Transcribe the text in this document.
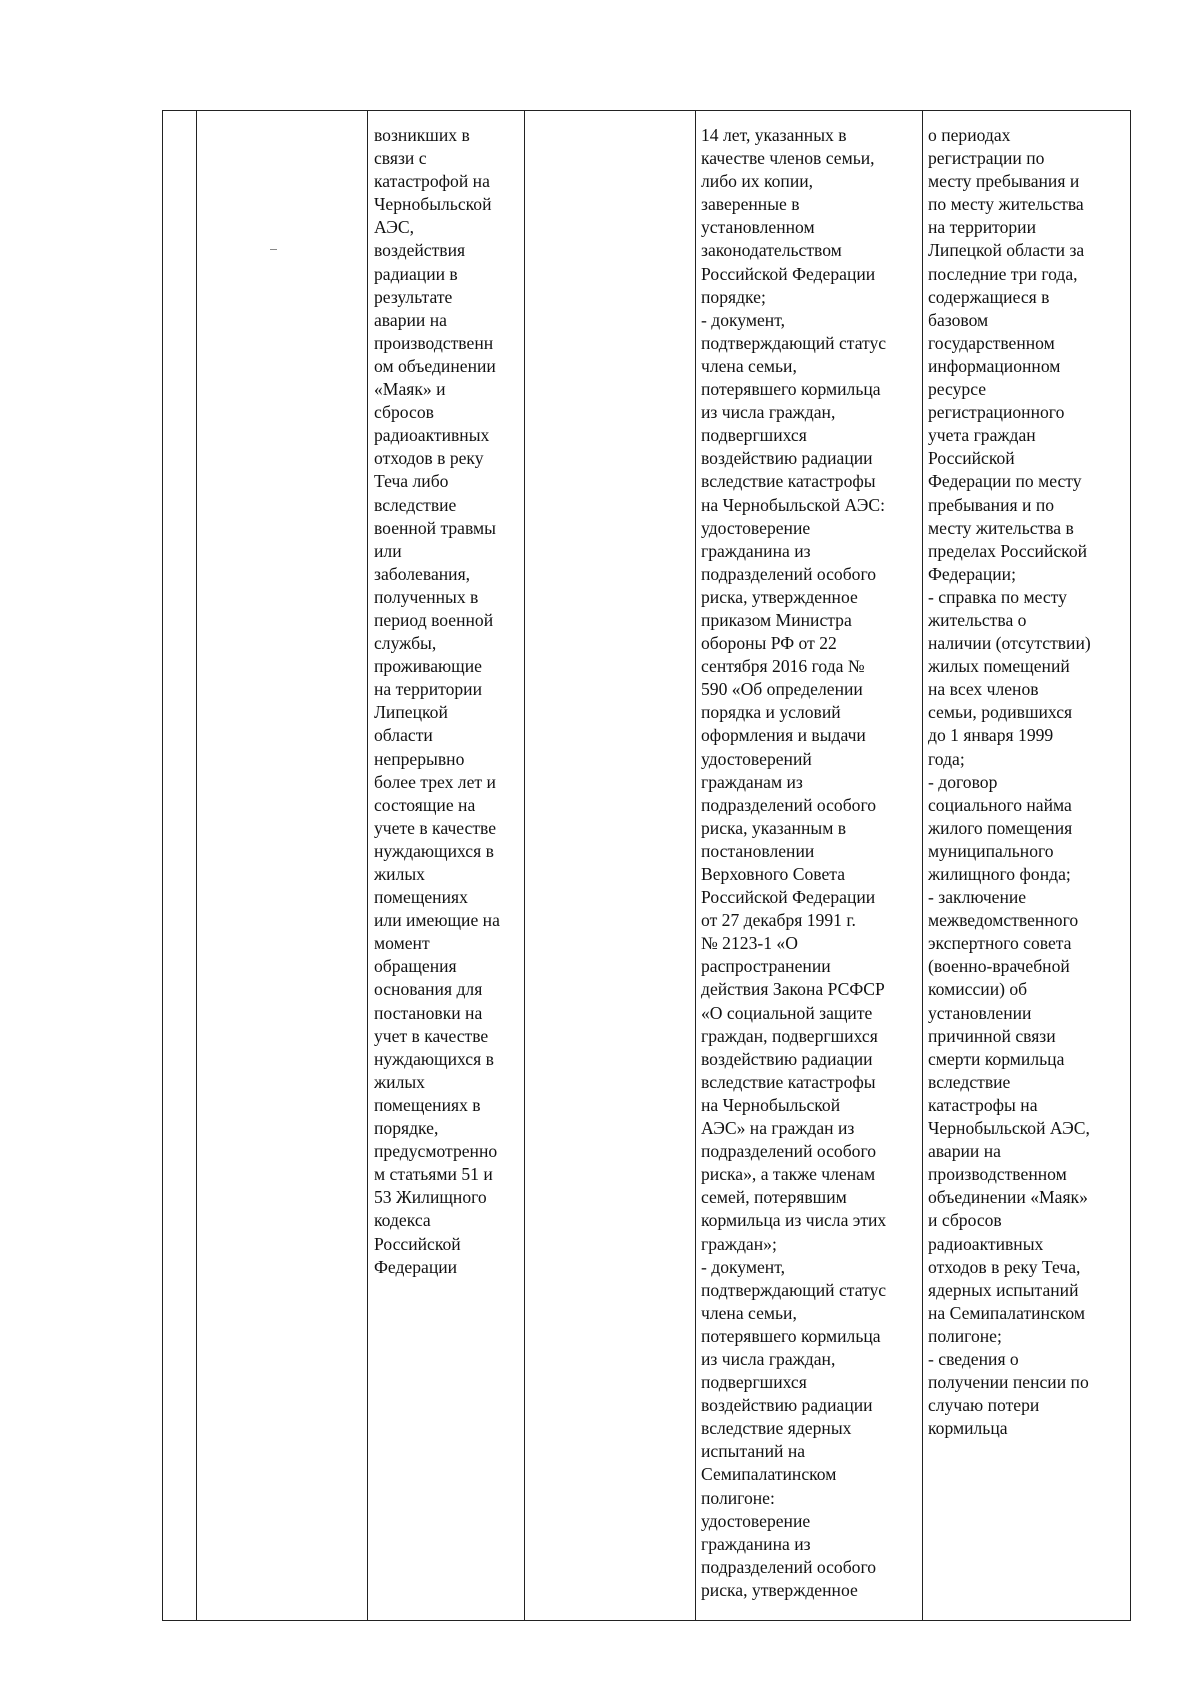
возникших в
связи с
катастрофой на
Чернобыльской
АЭС,
воздействия
радиации в
результате
аварии на
производственн
ом объединении
«Маяк» и
сбросов
радиоактивных
отходов в реку
Теча либо
вследствие
военной травмы
или
заболевания,
полученных в
период военной
службы,
проживающие
на территории
Липецкой
области
непрерывно
более трех лет и
состоящие на
учете в качестве
нуждающихся в
жилых
помещениях
или имеющие на
момент
обращения
основания для
постановки на
учет в качестве
нуждающихся в
жилых
помещениях в
порядке,
предусмотренно
м статьями 51 и
53 Жилищного
кодекса
Российской
Федерации
14 лет, указанных в
качестве членов семьи,
либо их копии,
заверенные в
установленном
законодательством
Российской Федерации
порядке;
- документ,
подтверждающий статус
члена семьи,
потерявшего кормильца
из числа граждан,
подвергшихся
воздействию радиации
вследствие катастрофы
на Чернобыльской АЭС:
удостоверение
гражданина из
подразделений особого
риска, утвержденное
приказом Министра
обороны РФ от 22
сентября 2016 года №
590 «Об определении
порядка и условий
оформления и выдачи
удостоверений
гражданам из
подразделений особого
риска, указанным в
постановлении
Верховного Совета
Российской Федерации
от 27 декабря 1991 г.
№ 2123-1 «О
распространении
действия Закона РСФСР
«О социальной защите
граждан, подвергшихся
воздействию радиации
вследствие катастрофы
на Чернобыльской
АЭС» на граждан из
подразделений особого
риска», а также членам
семей, потерявшим
кормильца из числа этих
граждан»;
- документ,
подтверждающий статус
члена семьи,
потерявшего кормильца
из числа граждан,
подвергшихся
воздействию радиации
вследствие ядерных
испытаний на
Семипалатинском
полигоне:
удостоверение
гражданина из
подразделений особого
риска, утвержденное
о периодах
регистрации по
месту пребывания и
по месту жительства
на территории
Липецкой области за
последние три года,
содержащиеся в
базовом
государственном
информационном
ресурсе
регистрационного
учета граждан
Российской
Федерации по месту
пребывания и по
месту жительства в
пределах Российской
Федерации;
- справка по месту
жительства о
наличии (отсутствии)
жилых помещений
на всех членов
семьи, родившихся
до 1 января 1999
года;
- договор
социального найма
жилого помещения
муниципального
жилищного фонда;
- заключение
межведомственного
экспертного совета
(военно-врачебной
комиссии) об
установлении
причинной связи
смерти кормильца
вследствие
катастрофы на
Чернобыльской АЭС,
аварии на
производственном
объединении «Маяк»
и сбросов
радиоактивных
отходов в реку Теча,
ядерных испытаний
на Семипалатинском
полигоне;
- сведения о
получении пенсии по
случаю потери
кормильца
